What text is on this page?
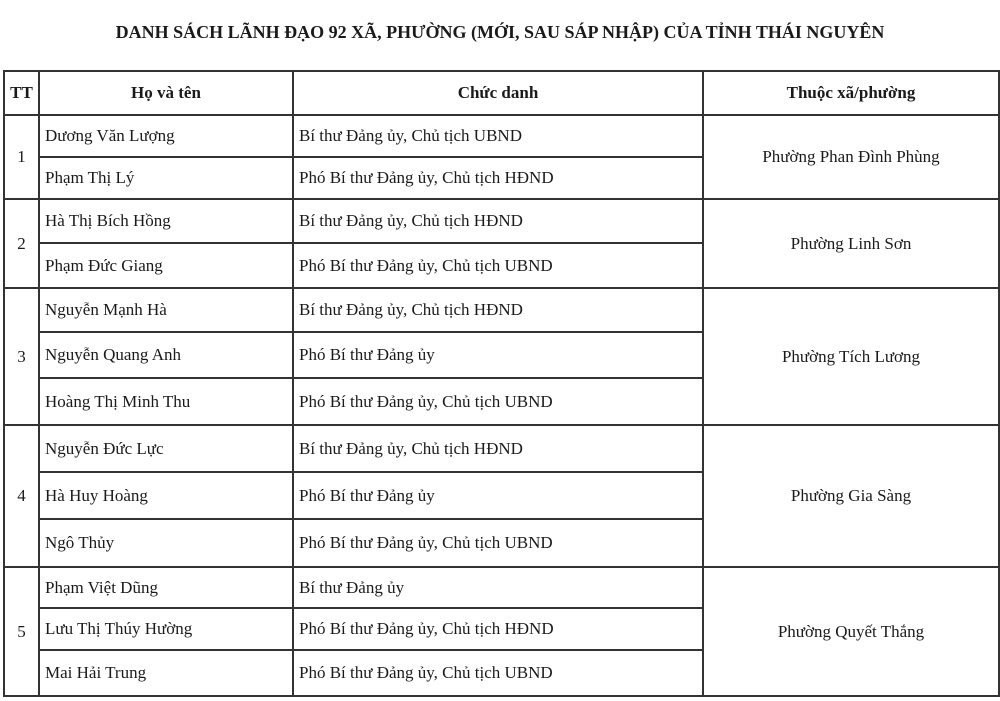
DANH SÁCH LÃNH ĐẠO 92 XÃ, PHƯỜNG (MỚI, SAU SÁP NHẬP) CỦA TỈNH THÁI NGUYÊN
TT	Họ và tên	Chức danh	Thuộc xã/phường
1	Dương Văn Lượng	Bí thư Đảng ủy, Chủ tịch UBND	Phường Phan Đình Phùng
	Phạm Thị Lý	Phó Bí thư Đảng ủy, Chủ tịch HĐND	
2	Hà Thị Bích Hồng	Bí thư Đảng ủy, Chủ tịch HĐND	Phường Linh Sơn
	Phạm Đức Giang	Phó Bí thư Đảng ủy, Chủ tịch UBND	
3	Nguyễn Mạnh Hà	Bí thư Đảng ủy, Chủ tịch HĐND	Phường Tích Lương
	Nguyễn Quang Anh	Phó Bí thư Đảng ủy	
	Hoàng Thị Minh Thu	Phó Bí thư Đảng ủy, Chủ tịch UBND	
4	Nguyễn Đức Lực	Bí thư Đảng ủy, Chủ tịch HĐND	Phường Gia Sàng
	Hà Huy Hoàng	Phó Bí thư Đảng ủy	
	Ngô Thủy	Phó Bí thư Đảng ủy, Chủ tịch UBND	
5	Phạm Việt Dũng	Bí thư Đảng ủy	Phường Quyết Thắng
	Lưu Thị Thúy Hường	Phó Bí thư Đảng ủy, Chủ tịch HĐND	
	Mai Hải Trung	Phó Bí thư Đảng ủy, Chủ tịch UBND	
